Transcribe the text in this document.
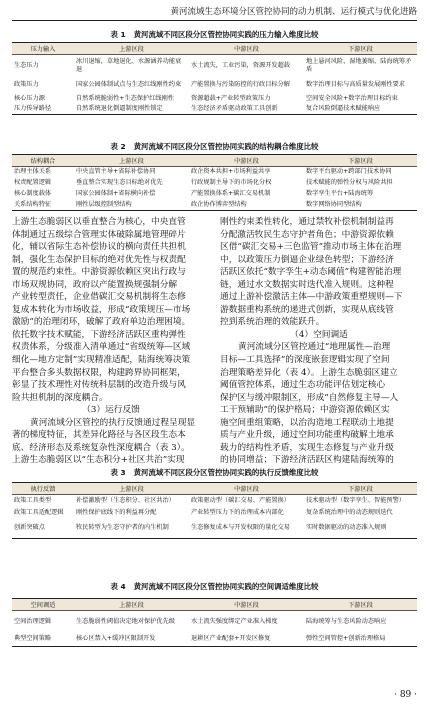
黄河流域生态环境分区管控协同的动力机制、运行模式与优化进路
表 1 黄河流域不同区段分区管控协同实践的压力输入维度比较
压力输入	上游区段	中游区段	下游区段
生态压力	冰川退缩，草地退化、水源涵养功能衰退	水土流失，工业污染，资源开发超载	地上悬河风险，湿地萎缩，陆海统筹矛盾
政策压力	国家公园体制试点与生态红线刚性约束	产能置换与污染防控的行政目标分解	数字治理目标与高质量发展刚性要求
核心压力源	自然系统脆弱性+生态保护红线刚性	资源超载+产业转型政策压力	空间安全风险+数字治理目标约束
压力传导路径	自然系统退化倒逼制度刚性锁定	生态经济矛盾驱动政策工具创新	复合风险倒逼技术赋能响应
表 2 黄河流域不同区段分区管控协同实践的结构耦合维度比较
结构耦合	上游区段	中游区段	下游区段
治理主体关系	中央直管主导+省际补偿协同	政企资本共担+市场利益共享	数字平台驱动+跨部门技术协同
权责配置逻辑	垂直整合实现生态目标绝对优先	行政规制主导下的市场化分权	技术赋能的弹性分权与风险共担
核心制度载体	国家公园体制+省际横向补偿	产能置换体系+碳汇交易机制	数字孪生平台+陆海统筹
关系结构特征	刚性层级控制型结构	政企协作博弈型结构	数字网络协同型结构

上游生态脆弱区以垂直整合为核心，中央直管

体制通过五级综合管理实体破除属地管理碎片

化，辅以省际生态补偿协议的横向责任共担机

制，强化生态保护目标的绝对优先性与权责配

置的规范约束性。中游资源依赖区突出行政与

市场双规协同，政府以产能置换规强制分解

产业转型责任，企业借碳汇交易机制将生态修

复成本转化为市场收益，形成“政策规压—市场

激励”的治理闭环，破解了政府单边治理困境。

依托数字技术赋能，下游经济活跃区重构弹性

权责体系，分级准入清单通过“省级统筹—区域

细化—地方定制”实现精准适配，陆海统筹决策

平台整合多头数据权限，构建跨界协同框架，

彰显了技术理性对传统科层制的改造升级与风

险共担机制的深度耦合。

（3）运行反馈

黄河流域分区管控的执行反馈通过程呈现显

著的梯度特征，其差异化路径与各区段生态本

底、经济形态及系统复杂性深度耦合（表 3）。

上游生态脆弱区以“生态积分+社区共治”实现

刚性约束柔性转化，通过禁牧补偿机制制益再

分配激活牧民生态守护者角色；中游资源依赖

区借“碳汇交易+三色监管”推动市场主体在治理

中，以政策压力倒逼企业绿色转型；下游经济

活跃区依托“数字孪生+动态阈值”构建智能治理

链，通过水文数据实时迭代准入规则。这种程

通过上游补偿激活主体—中游政策重塑规则—下

游数据重构系统的递进式创新，实现从底线管

控到系统治理的效能跃升。

（4）空间调适

黄河流域分区管控通过“地理属性—治理

目标—工具选择”的深度嵌套逻辑实现了空间

治理策略差异化（表 4）。上游生态脆弱区建立

阈值管控体系，通过生态功能评估划定核心

保护区与缓冲限制区，形成“自然修复主导—人

工干预辅助”的保护格局；中游资源依赖区实

施空间重组策略，以治沟造地工程联动土地提

质与产业升级，通过空间功能重构破解土地承

载力的结构性矛盾，实现生态修复与产业升级

的协同增益；下游经济活跃区构建陆海统筹的

表 3 黄河流域不同区段分区管控协同实践的执行反馈维度比较
执行反馈	上游区段	中游区段	下游区段
政策工具类型	补偿激励型（生态积分、社区共治）	政策驱动型（碳汇交易、产能置换）	技术驱动型（数字孪生、智能预警）
政策工具适配逻辑	刚性保护底线下的利益再分配	产业转型压力下的治理成本内部化	复杂系统治理中的动态规则迭代
创新突破点	牧民转型为生态守护者的内生机制	生态修复成本与开发权限的量化交易	实时数据驱动的动态准入规则
表 4 黄河流域不同区段分区管控协同实践的空间调适维度比较
空间调适	上游区段	中游区段	下游区段
空间治理逻辑	生态脆弱性阈值决定地对保护优先级	水土流失强度绑定产业准入梯度	陆海统筹与生态风险动态响应
典型空间策略	核心区禁入+缓冲区限制开发	退耕区产业配套+开发区修复	弹性空间管控+创新治理格局
· 89 ·
